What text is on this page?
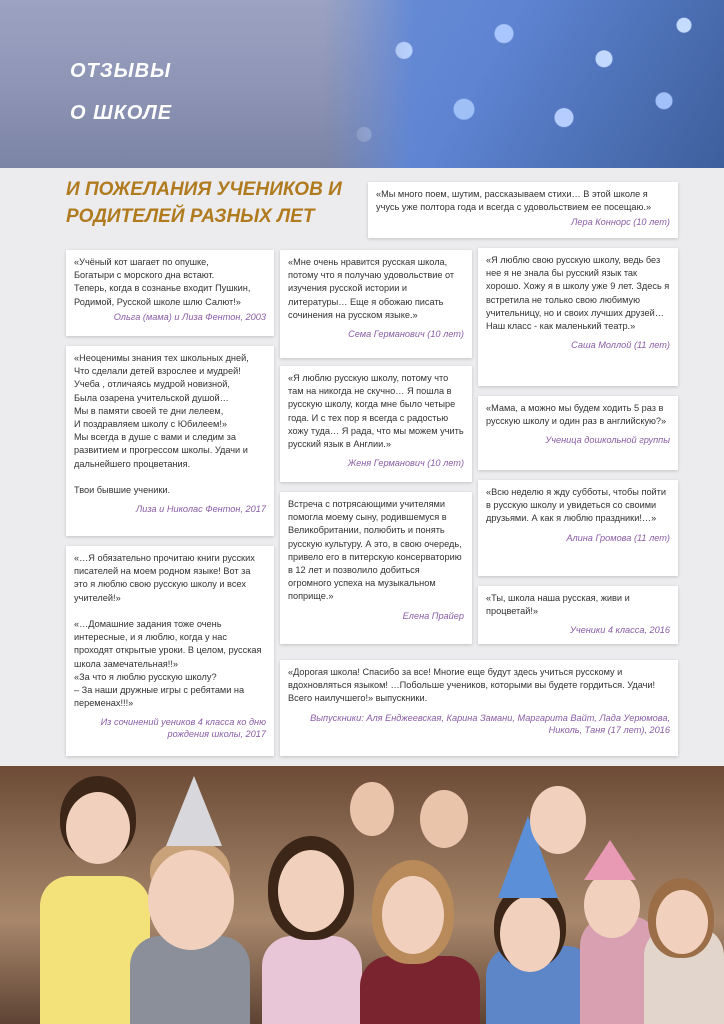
ОТЗЫВЫ
О ШКОЛЕ
И ПОЖЕЛАНИЯ УЧЕНИКОВ И
РОДИТЕЛЕЙ РАЗНЫХ ЛЕТ
«Мы много поем, шутим, рассказываем стихи… В этой школе я учусь уже полтора года и всегда с удовольствием ее посещаю.»
Лера Коннорс (10 лет)
«Учёный кот шагает по опушке,
Богатыри с морского дна встают.
Теперь, когда в сознанье входит Пушкин,
Родимой, Русской школе шлю Салют!»
Ольга (мама) и Лиза Фентон, 2003
«Неоценимы знания тех школьных дней,
Что сделали детей взрослее и мудрей!
Учеба , отличаясь мудрой новизной,
Была озарена учительской душой…
Мы в памяти своей те дни лелеем,
И поздравляем школу с Юбилеем!»
Мы всегда в душе с вами и следим за развитием и прогрессом школы. Удачи и дальнейшего процветания.

Твои бывшие ученики.
Лиза и Николас Фентон, 2017
«…Я обязательно прочитаю книги русских писателей на моем родном языке! Вот за это я люблю свою русскую школу и всех учителей!»

«…Домашние задания тоже очень интересные, и я люблю, когда у нас проходят открытые уроки. В целом, русская школа замечательная!!»
«За что я люблю русскую школу?
– За наши дружные игры с ребятами на переменах!!!»
Из сочинений уеников 4 класса ко дню рождения школы, 2017
«Мне очень нравится русская школа, потому что я получаю удовольствие от изучения русской истории и литературы… Еще я обожаю писать сочинения на русском языке.»
Сема Германович (10 лет)
«Я люблю русскую школу, потому что там на никогда не скучно… Я пошла в русскую школу, когда мне было четыре года. И с тех пор я всегда с радостью хожу туда… Я рада, что мы можем учить русский язык в Англии.»
Женя Германович (10 лет)
Встреча с потрясающими учителями помогла моему сыну, родившемуся в Великобритании, полюбить и понять русскую культуру. А это, в свою очередь, привело его в питерскую консерваторию в 12 лет и позволило добиться огромного успеха на музыкальном поприще.»
Елена Прайер
«Я люблю свою русскую школу, ведь без нее я не знала бы русский язык так хорошо. Хожу я в школу уже 9 лет. Здесь я встретила не только свою любимую учительницу, но и своих лучших друзей… Наш класс - как маленький театр.»
Саша Моллой (11 лет)
«Мама, а можно мы будем ходить 5 раз в русскую школу и один раз в английскую?»
Ученица дошкольной группы
«Всю неделю я жду субботы, чтобы пойти в русскую школу и увидеться со своими друзьями. А как я люблю праздники!…»
Алина Громова (11 лет)
«Ты, школа наша русская, живи и процветай!»
Ученики 4 класса, 2016
«Дорогая школа! Спасибо за все! Многие еще будут здесь учиться русскому и вдохновляться языком! …Побольше учеников, которыми вы будете гордиться. Удачи! Всего наилучшего!» выпускники.
Выпускники: Аля Енджеевская, Карина Замани, Маргарита Вайт, Лада Уерюмова, Николь, Таня (17 лет), 2016
